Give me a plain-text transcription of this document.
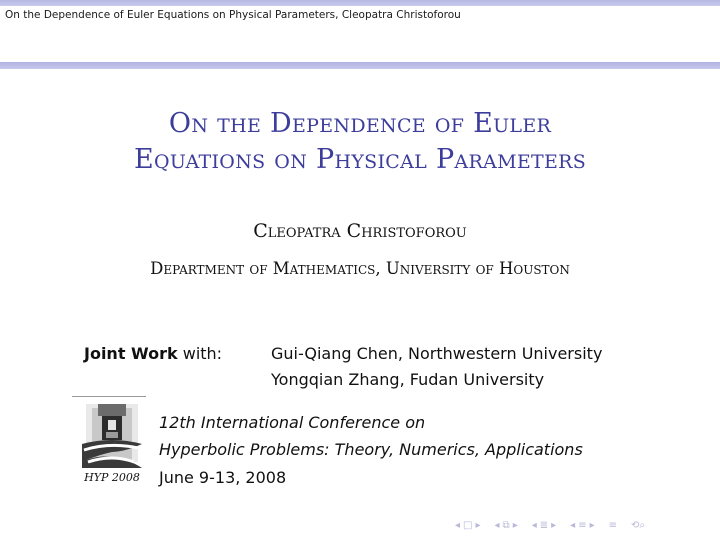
On the Dependence of Euler Equations on Physical Parameters, Cleopatra Christoforou
On the Dependence of Euler
Equations on Physical Parameters
Cleopatra Christoforou
Department of Mathematics, University of Houston
Joint Work with:	Gui-Qiang Chen, Northwestern University
Yongqian Zhang, Fudan University
HYP 2008
12th International Conference on
Hyperbolic Problems: Theory, Numerics, Applications
June 9-13, 2008
◂ □ ▸ ◂ ⧉ ▸ ◂ ≣ ▸ ◂ ≡ ▸ ≡ ⟲⌕
